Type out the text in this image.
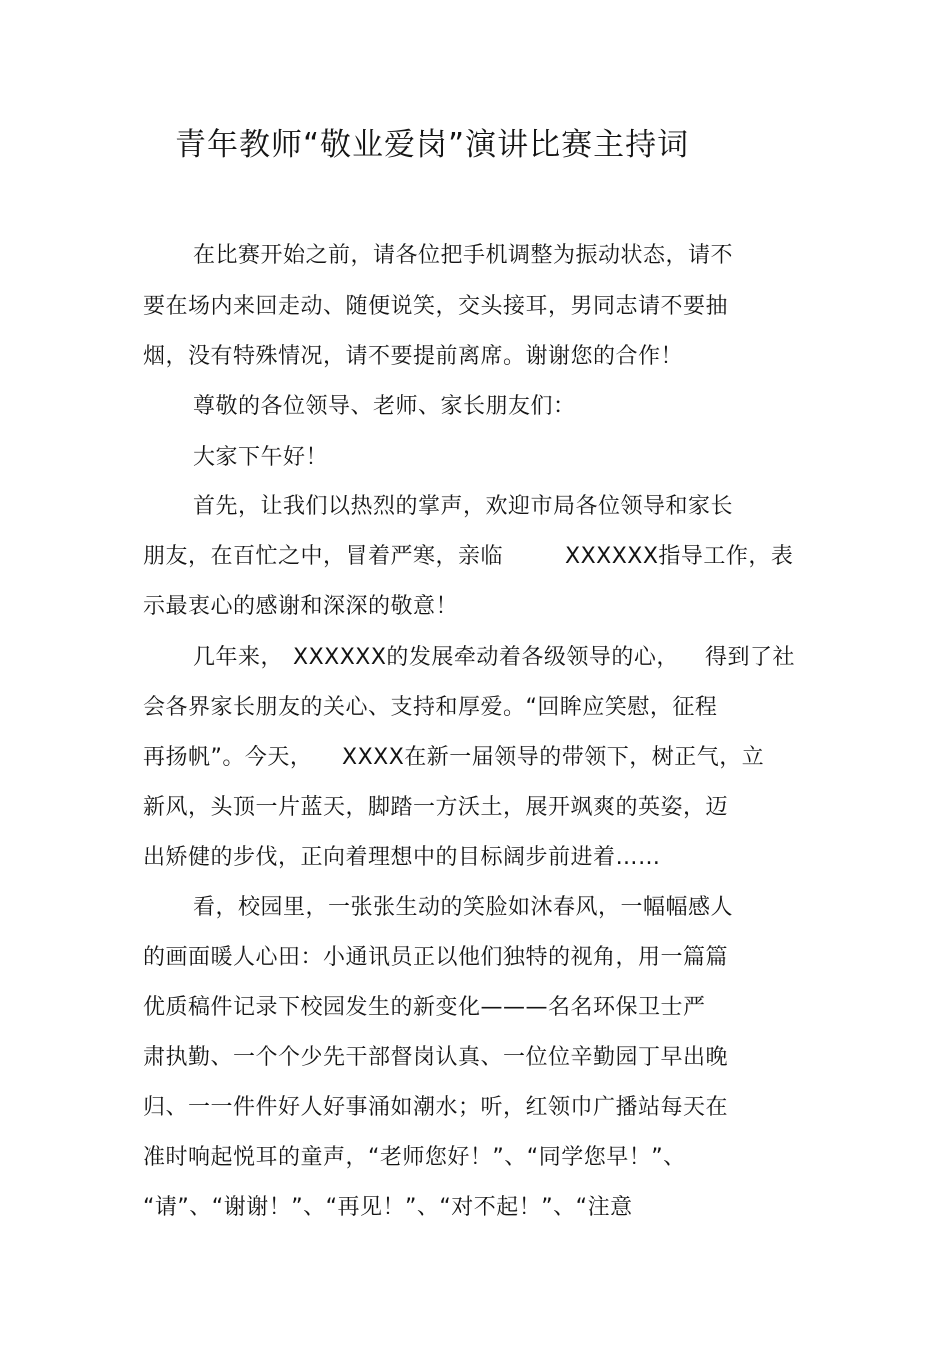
青年教师“敬业爱岗”演讲比赛主持词
在比赛开始之前，请各位把手机调整为振动状态，请不
要在场内来回走动、随便说笑，交头接耳，男同志请不要抽
烟，没有特殊情况，请不要提前离席。谢谢您的合作！
尊敬的各位领导、老师、家长朋友们：
大家下午好！
首先，让我们以热烈的掌声，欢迎市局各位领导和家长
朋友，在百忙之中，冒着严寒，亲临	XXXXXX指导工作，表
示最衷心的感谢和深深的敬意！
几年来， XXXXXX的发展牵动着各级领导的心， 得到了社
会各界家长朋友的关心、支持和厚爱。“回眸应笑慰，征程
再扬帆”。今天， XXXX在新一届领导的带领下，树正气，立
新风，头顶一片蓝天，脚踏一方沃土，展开飒爽的英姿，迈
出矫健的步伐，正向着理想中的目标阔步前进着……
看，校园里，一张张生动的笑脸如沐春风，一幅幅感人
的画面暖人心田：小通讯员正以他们独特的视角，用一篇篇
优质稿件记录下校园发生的新变化———名名环保卫士严
肃执勤、一个个少先干部督岗认真、一位位辛勤园丁早出晚
归、一一件件好人好事涌如潮水；听，红领巾广播站每天在
准时响起悦耳的童声，“老师您好！”、“同学您早！”、
“请”、“谢谢！”、“再见！”、“对不起！”、“注意
